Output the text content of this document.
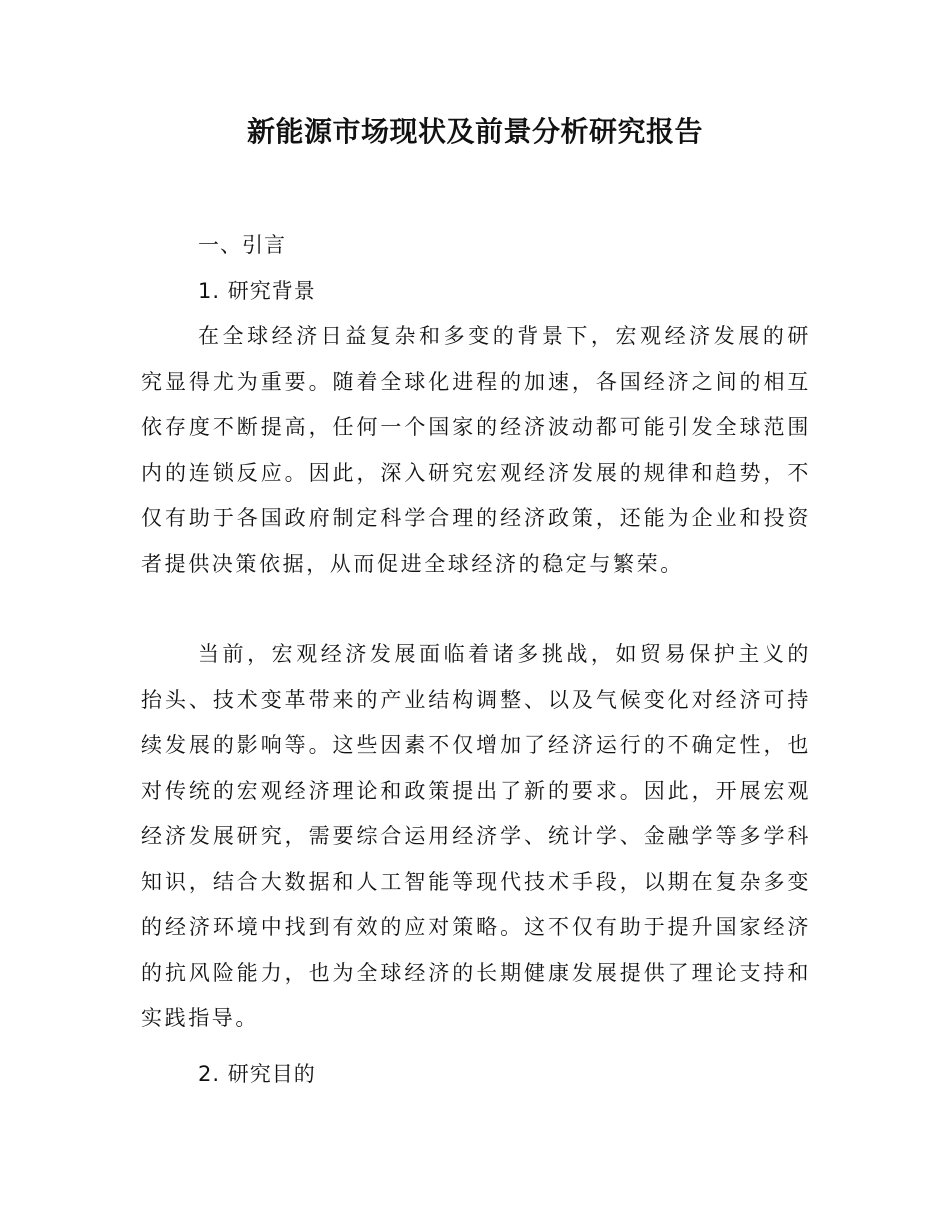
新能源市场现状及前景分析研究报告
一、引言
1. 研究背景

在全球经济日益复杂和多变的背景下，宏观经济发展的研究显得尤为重要。随着全球化进程的加速，各国经济之间的相互依存度不断提高，任何一个国家的经济波动都可能引发全球范围内的连锁反应。因此，深入研究宏观经济发展的规律和趋势，不仅有助于各国政府制定科学合理的经济政策，还能为企业和投资者提供决策依据，从而促进全球经济的稳定与繁荣。

当前，宏观经济发展面临着诸多挑战，如贸易保护主义的抬头、技术变革带来的产业结构调整、以及气候变化对经济可持续发展的影响等。这些因素不仅增加了经济运行的不确定性，也对传统的宏观经济理论和政策提出了新的要求。因此，开展宏观经济发展研究，需要综合运用经济学、统计学、金融学等多学科知识，结合大数据和人工智能等现代技术手段，以期在复杂多变的经济环境中找到有效的应对策略。这不仅有助于提升国家经济的抗风险能力，也为全球经济的长期健康发展提供了理论支持和实践指导。

2. 研究目的
